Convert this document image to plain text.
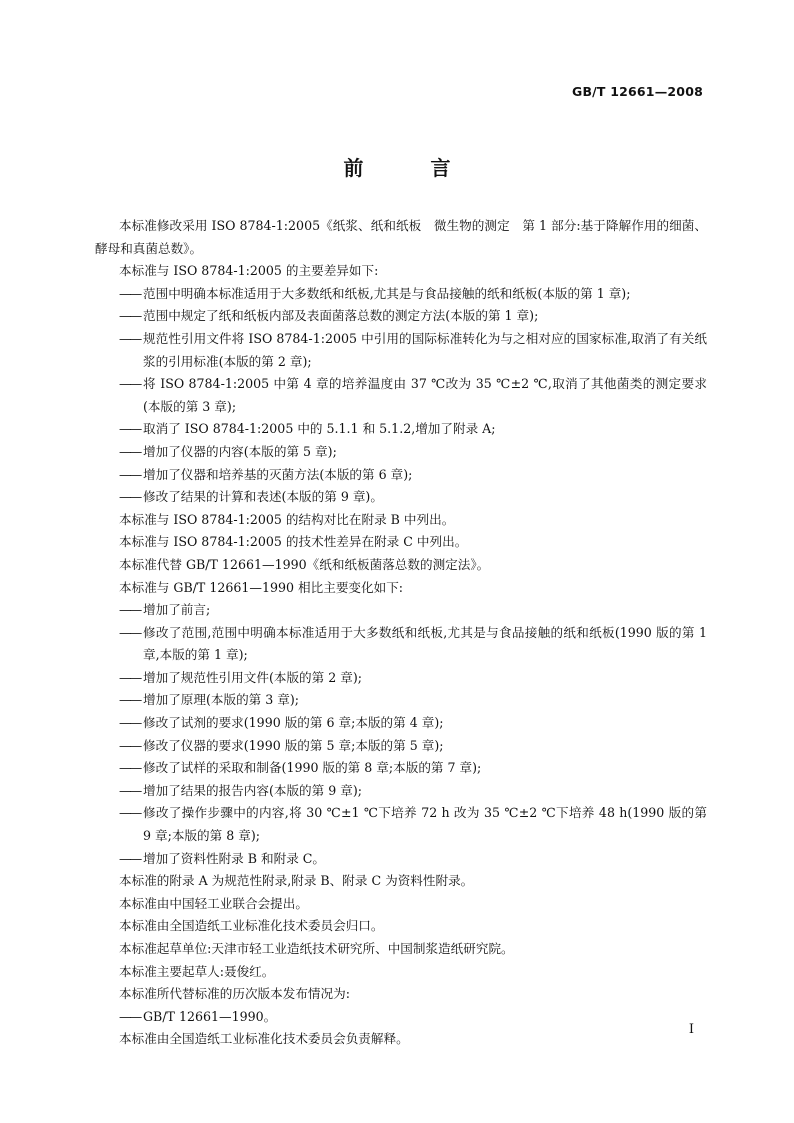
GB/T 12661—2008
前 言

本标准修改采用 ISO 8784-1:2005《纸浆、纸和纸板　微生物的测定　第 1 部分:基于降解作用的细菌、酵母和真菌总数》。

本标准与 ISO 8784-1:2005 的主要差异如下:

—— 范围中明确本标准适用于大多数纸和纸板,尤其是与食品接触的纸和纸板(本版的第 1 章);
—— 范围中规定了纸和纸板内部及表面菌落总数的测定方法(本版的第 1 章);
—— 规范性引用文件将 ISO 8784-1:2005 中引用的国际标准转化为与之相对应的国家标准,取消了有关纸浆的引用标准(本版的第 2 章);
—— 将 ISO 8784-1:2005 中第 4 章的培养温度由 37 ℃改为 35 ℃±2 ℃,取消了其他菌类的测定要求(本版的第 3 章);
—— 取消了 ISO 8784-1:2005 中的 5.1.1 和 5.1.2,增加了附录 A;
—— 增加了仪器的内容(本版的第 5 章);
—— 增加了仪器和培养基的灭菌方法(本版的第 6 章);
—— 修改了结果的计算和表述(本版的第 9 章)。

本标准与 ISO 8784-1:2005 的结构对比在附录 B 中列出。

本标准与 ISO 8784-1:2005 的技术性差异在附录 C 中列出。

本标准代替 GB/T 12661—1990《纸和纸板菌落总数的测定法》。

本标准与 GB/T 12661—1990 相比主要变化如下:

—— 增加了前言;
—— 修改了范围,范围中明确本标准适用于大多数纸和纸板,尤其是与食品接触的纸和纸板(1990 版的第 1 章,本版的第 1 章);
—— 增加了规范性引用文件(本版的第 2 章);
—— 增加了原理(本版的第 3 章);
—— 修改了试剂的要求(1990 版的第 6 章;本版的第 4 章);
—— 修改了仪器的要求(1990 版的第 5 章;本版的第 5 章);
—— 修改了试样的采取和制备(1990 版的第 8 章;本版的第 7 章);
—— 增加了结果的报告内容(本版的第 9 章);
—— 修改了操作步骤中的内容,将 30 ℃±1 ℃下培养 72 h 改为 35 ℃±2 ℃下培养 48 h(1990 版的第 9 章;本版的第 8 章);
—— 增加了资料性附录 B 和附录 C。

本标准的附录 A 为规范性附录,附录 B、附录 C 为资料性附录。

本标准由中国轻工业联合会提出。

本标准由全国造纸工业标准化技术委员会归口。

本标准起草单位:天津市轻工业造纸技术研究所、中国制浆造纸研究院。

本标准主要起草人:聂俊红。

本标准所代替标准的历次版本发布情况为:

—— GB/T 12661—1990。

本标准由全国造纸工业标准化技术委员会负责解释。

I
